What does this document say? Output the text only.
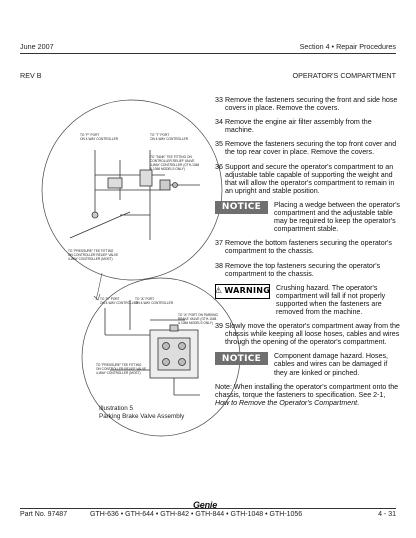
June 2007	Section 4 • Repair Procedures
REV B	OPERATOR'S COMPARTMENT
TO "P" PORT
ON 4-WAY CONTROLLER
TO "T" PORT
ON 4-WAY CONTROLLER
TO "TANK" TEE FITTING ON
CONTROLLER RELIEF VALVE
4-WAY CONTROLLER (GTH-1048
& 1056 MODELS ONLY)
TO "PRESSURE" TEE FITTING
ON CONTROLLER RELIEF VALVE
4-WAY CONTROLLER (MOST)
TO "R" PORT
ON 4-WAY CONTROLLER
TO "A" PORT
ON 4-WAY CONTROLLER
TO "A" PORT ON PARKING
BRAKE VALVE (GTH-1048
& 1056 MODELS ONLY)
TO "PRESSURE" TEE FITTING
ON CONTROLLER RELIEF VALVE
4-WAY CONTROLLER (MOST)
Illustration 5
Parking Brake Valve Assembly
33 Remove the fasteners securing the front and side hose covers in place. Remove the covers.
34 Remove the engine air filter assembly from the machine.
35 Remove the fasteners securing the top front cover and the top rear cover in place. Remove the covers.
36 Support and secure the operator's compartment to an adjustable table capable of supporting the weight and that will allow the operator's compartment to remain in an upright and stable position.
NOTICE	Placing a wedge between the operator's compartment and the adjustable table may be required to keep the operator's compartment stable.
37 Remove the bottom fasteners securing the operator's compartment to the chassis.
38 Remove the top fasteners securing the operator's compartment to the chassis.
⚠ WARNING Crushing hazard. The operator's compartment will fall if not properly supported when the fasteners are removed from the machine.
39 Slowly move the operator's compartment away from the chassis while keeping all loose hoses, cables and wires through the opening of the operator's compartment.
NOTICE	Component damage hazard. Hoses, cables and wires can be damaged if they are kinked or pinched.
Note: When installing the operator's compartment onto the chassis, torque the fasteners to specification. See 2-1, How to Remove the Operator's Compartment.
Genie
Part No. 97487	GTH-636 • GTH-644 • GTH-842 • GTH-844 • GTH-1048 • GTH-1056	4 - 31
